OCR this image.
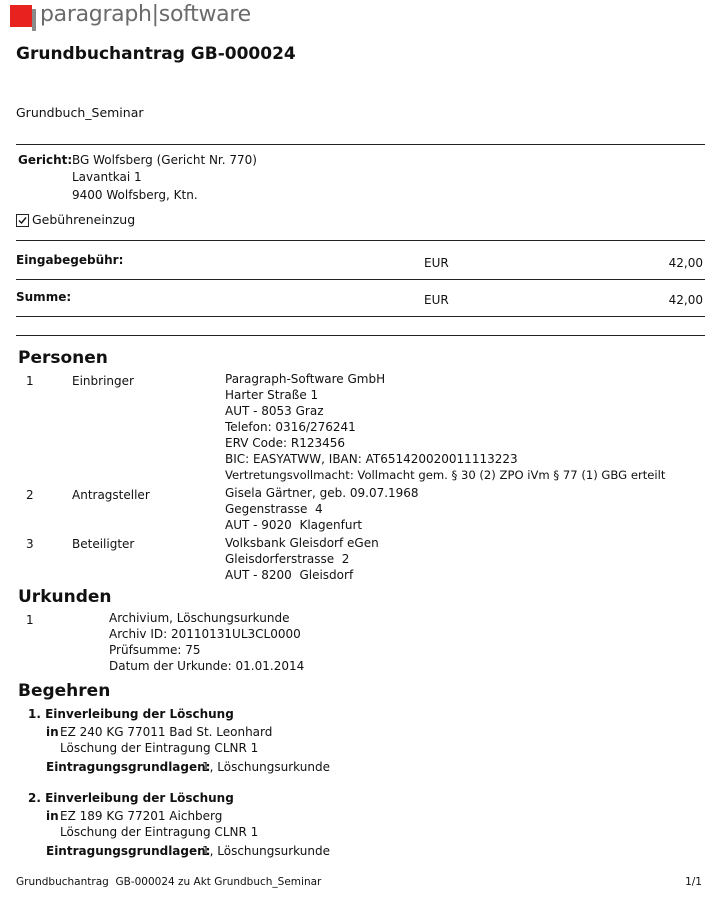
paragraph|software
Grundbuchantrag GB-000024
Grundbuch_Seminar
Gericht: BG Wolfsberg (Gericht Nr. 770)
Lavantkai 1
9400 Wolfsberg, Ktn.
Gebühreneinzug
Eingabegebühr:	EUR	42,00
Summe:	EUR	42,00
Personen
1	Einbringer	Paragraph-Software GmbH
Harter Straße 1
AUT - 8053 Graz
Telefon: 0316/276241
ERV Code: R123456
BIC: EASYATWW, IBAN: AT651420020011113223
Vertretungsvollmacht: Vollmacht gem. § 30 (2) ZPO iVm § 77 (1) GBG erteilt
2	Antragsteller	Gisela Gärtner, geb. 09.07.1968
Gegenstrasse  4
AUT - 9020  Klagenfurt
3	Beteiligter	Volksbank Gleisdorf eGen
Gleisdorferstrasse  2
AUT - 8200  Gleisdorf
Urkunden
1	Archivium, Löschungsurkunde
Archiv ID: 20110131UL3CL0000
Prüfsumme: 75
Datum der Urkunde: 01.01.2014
Begehren
1. Einverleibung der Löschung
in EZ 240 KG 77011 Bad St. Leonhard
Löschung der Eintragung CLNR 1
Eintragungsgrundlagen:
1, Löschungsurkunde
2. Einverleibung der Löschung
in EZ 189 KG 77201 Aichberg
Löschung der Eintragung CLNR 1
Eintragungsgrundlagen:
1, Löschungsurkunde
Grundbuchantrag  GB-000024 zu Akt Grundbuch_Seminar	1/1
